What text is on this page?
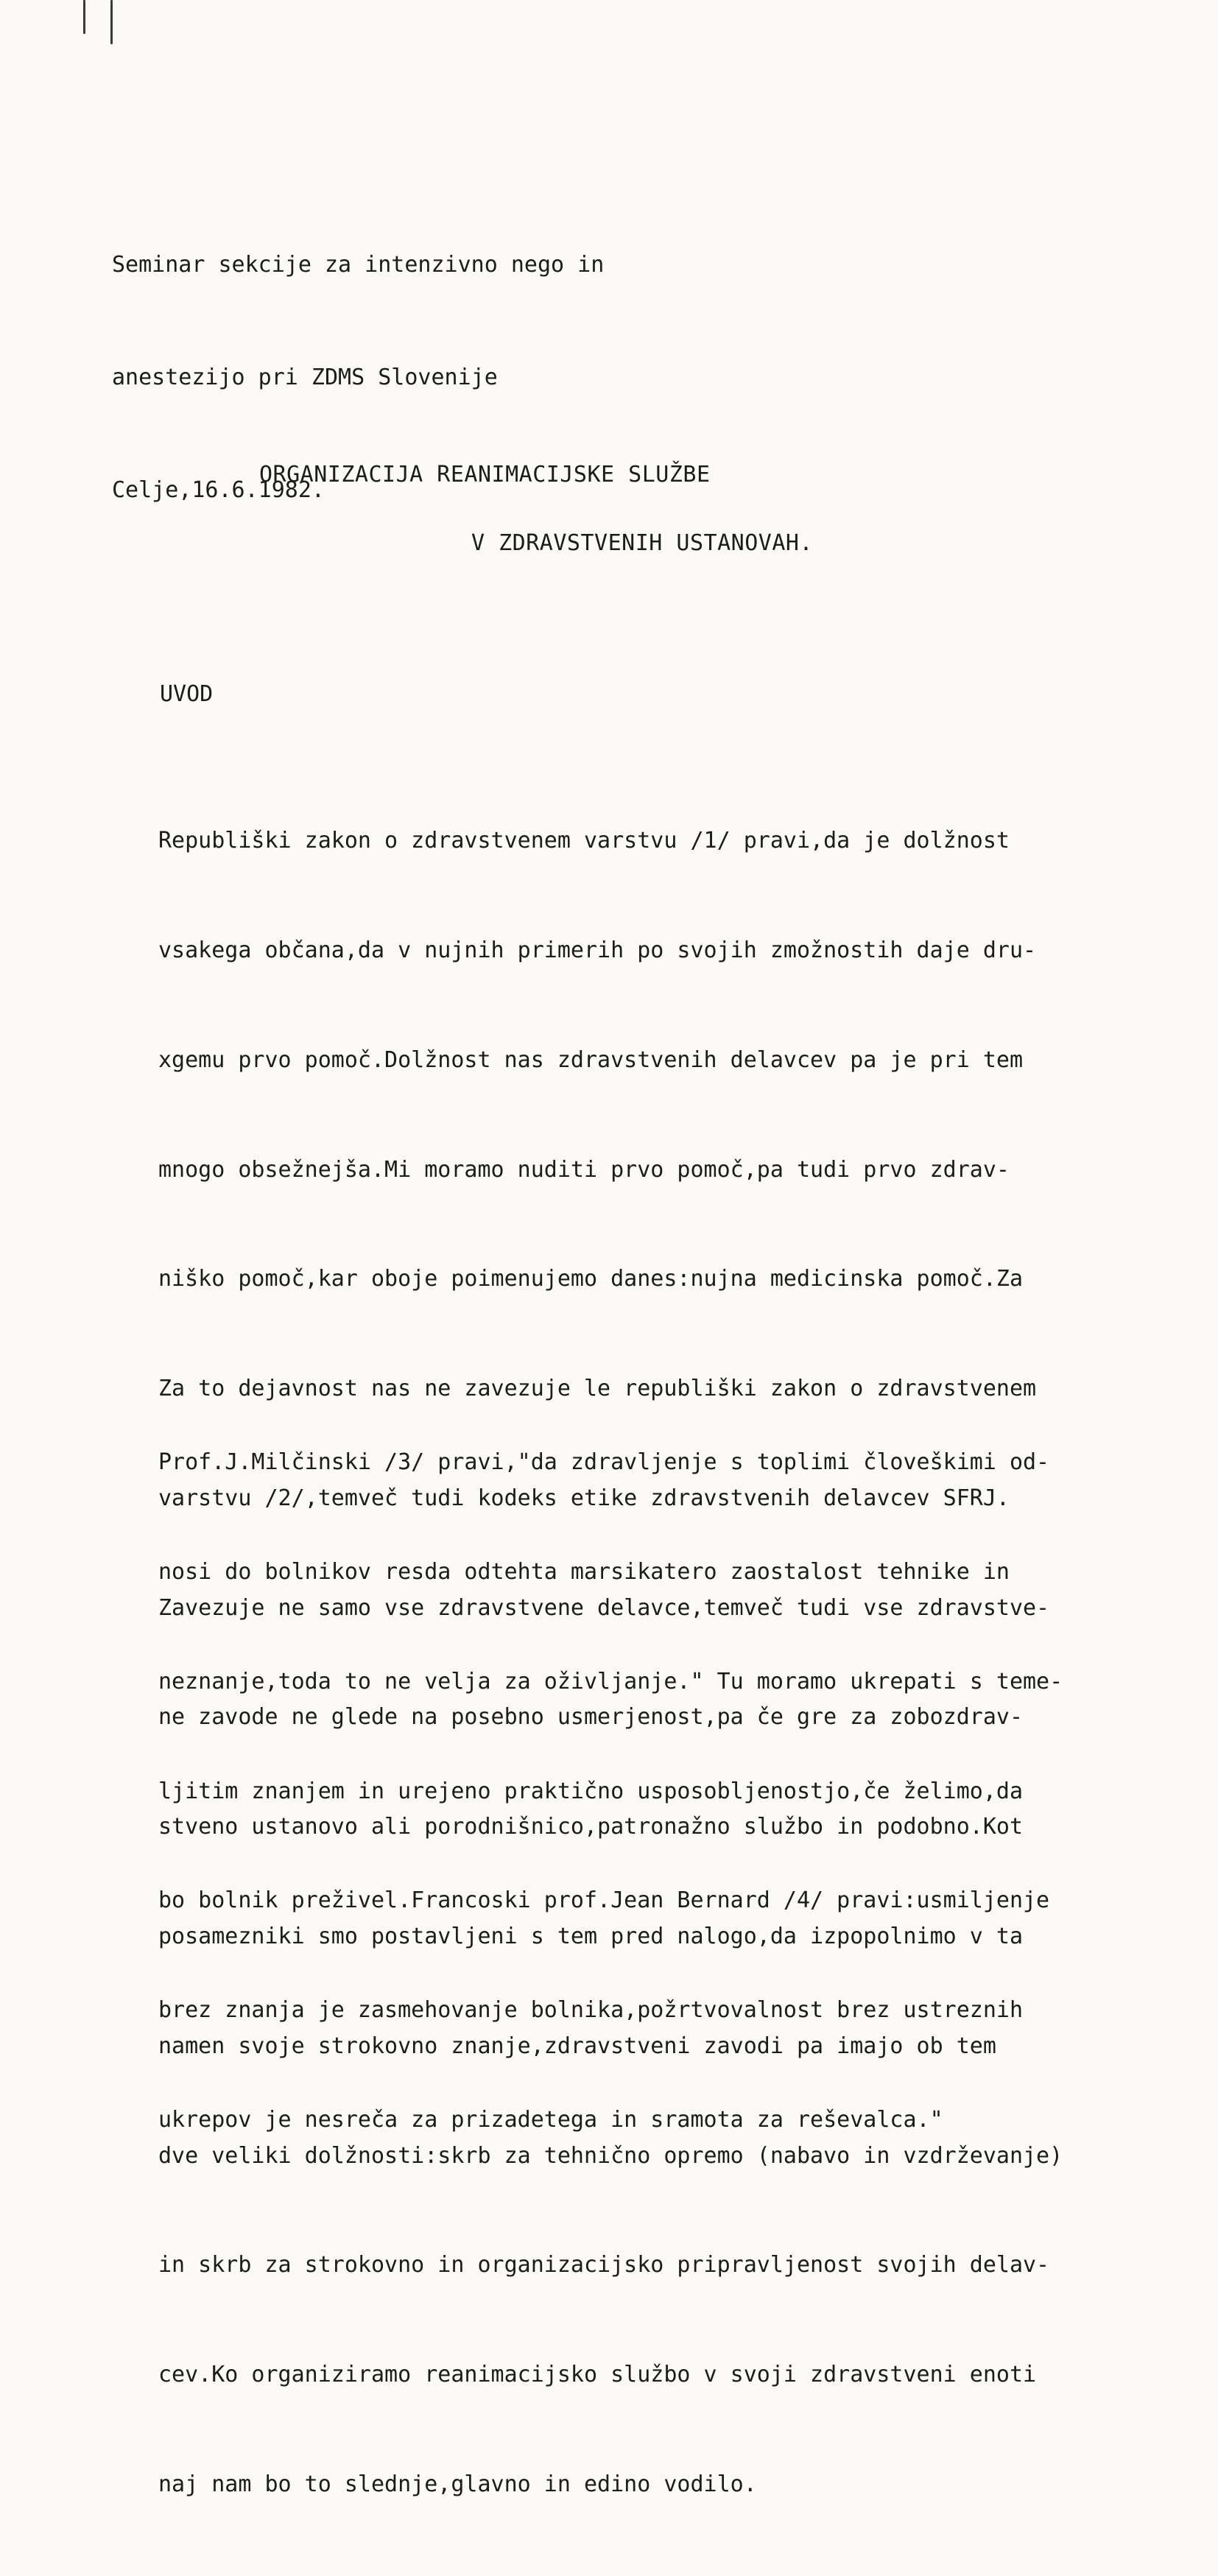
Seminar sekcije za intenzivno nego in

anestezijo pri ZDMS Slovenije

Celje,16.6.1982.

ORGANIZACIJA REANIMACIJSKE SLUŽBE
V ZDRAVSTVENIH USTANOVAH.
UVOD

Republiški zakon o zdravstvenem varstvu /1/ pravi,da je dolžnost

vsakega občana,da v nujnih primerih po svojih zmožnostih daje dru-

xgemu prvo pomoč.Dolžnost nas zdravstvenih delavcev pa je pri tem

mnogo obsežnejša.Mi moramo nuditi prvo pomoč,pa tudi prvo zdrav-

niško pomoč,kar oboje poimenujemo danes:nujna medicinska pomoč.Za

Za to dejavnost nas ne zavezuje le republiški zakon o zdravstvenem

varstvu /2/,temveč tudi kodeks etike zdravstvenih delavcev SFRJ.

Zavezuje ne samo vse zdravstvene delavce,temveč tudi vse zdravstve-

ne zavode ne glede na posebno usmerjenost,pa če gre za zobozdrav-

stveno ustanovo ali porodnišnico,patronažno službo in podobno.Kot

posamezniki smo postavljeni s tem pred nalogo,da izpopolnimo v ta

namen svoje strokovno znanje,zdravstveni zavodi pa imajo ob tem

dve veliki dolžnosti:skrb za tehnično opremo (nabavo in vzdrževanje)

in skrb za strokovno in organizacijsko pripravljenost svojih delav-

cev.Ko organiziramo reanimacijsko službo v svoji zdravstveni enoti

naj nam bo to slednje,glavno in edino vodilo.

Prof.J.Milčinski /3/ pravi,"da zdravljenje s toplimi človeškimi od-

nosi do bolnikov resda odtehta marsikatero zaostalost tehnike in

neznanje,toda to ne velja za oživljanje." Tu moramo ukrepati s teme-

ljitim znanjem in urejeno praktično usposobljenostjo,če želimo,da

bo bolnik preživel.Francoski prof.Jean Bernard /4/ pravi:usmiljenje

brez znanja je zasmehovanje bolnika,požrtvovalnost brez ustreznih

ukrepov je nesreča za prizadetega in sramota za reševalca."
